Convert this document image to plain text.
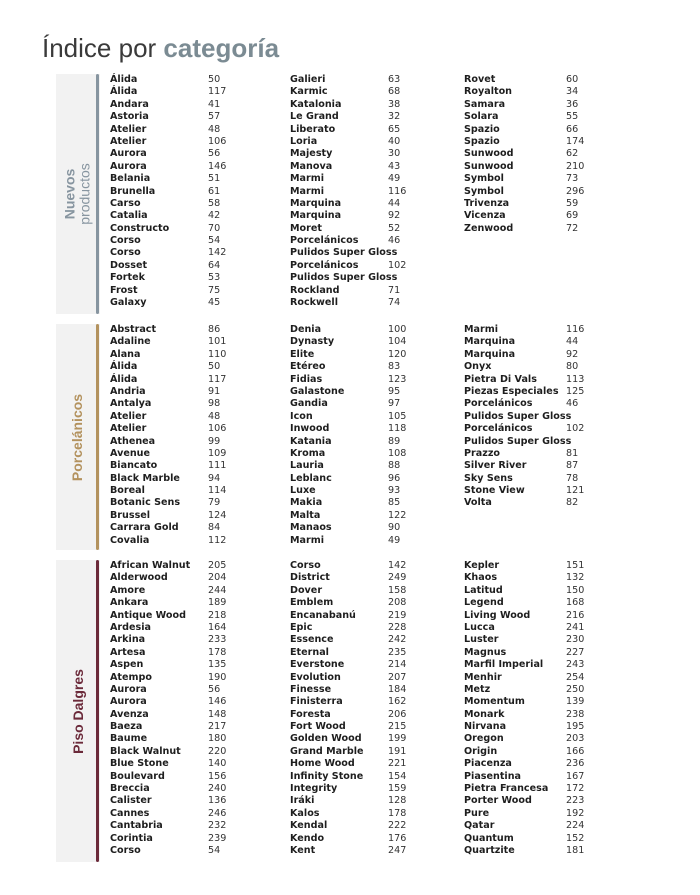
Índice por categoría
Nuevos productos
Álida	50
Álida	117
Andara	41
Astoria	57
Atelier	48
Atelier	106
Aurora	56
Aurora	146
Belania	51
Brunella	61
Carso	58
Catalia	42
Constructo	70
Corso	54
Corso	142
Dosset	64
Fortek	53
Frost	75
Galaxy	45
Galieri	63
Karmic	68
Katalonia	38
Le Grand	32
Liberato	65
Loria	40
Majesty	30
Manova	43
Marmi	49
Marmi	116
Marquina	44
Marquina	92
Moret	52
Porcelánicos	46
Pulidos Super Gloss
Porcelánicos	102
Pulidos Super Gloss
Rockland	71
Rockwell	74
Rovet	60
Royalton	34
Samara	36
Solara	55
Spazio	66
Spazio	174
Sunwood	62
Sunwood	210
Symbol	73
Symbol	296
Trivenza	59
Vicenza	69
Zenwood	72
Porcelánicos
Abstract	86
Adaline	101
Alana	110
Álida	50
Álida	117
Andria	91
Antalya	98
Atelier	48
Atelier	106
Athenea	99
Avenue	109
Biancato	111
Black Marble	94
Boreal	114
Botanic Sens	79
Brussel	124
Carrara Gold	84
Covalia	112
Denia	100
Dynasty	104
Elite	120
Etéreo	83
Fidias	123
Galastone	95
Gandia	97
Icon	105
Inwood	118
Katania	89
Kroma	108
Lauria	88
Leblanc	96
Luxe	93
Makia	85
Malta	122
Manaos	90
Marmi	49
Marmi	116
Marquina	44
Marquina	92
Onyx	80
Pietra Di Vals	113
Piezas Especiales 125
Porcelánicos	46
Pulidos Super Gloss
Porcelánicos	102
Pulidos Super Gloss
Prazzo	81
Silver River	87
Sky Sens	78
Stone View	121
Volta	82
Piso Dalgres
African Walnut 205
Alderwood	204
Amore	244
Ankara	189
Antique Wood 218
Ardesia	164
Arkina	233
Artesa	178
Aspen	135
Atempo	190
Aurora	56
Aurora	146
Avenza	148
Baeza	217
Baume	180
Black Walnut	220
Blue Stone	140
Boulevard	156
Breccia	240
Calister	136
Cannes	246
Cantabria	232
Corintia	239
Corso	54
Corso	142
District	249
Dover	158
Emblem	208
Encanabanú	219
Epic	228
Essence	242
Eternal	235
Everstone	214
Evolution	207
Finesse	184
Finisterra	162
Foresta	206
Fort Wood	215
Golden Wood	199
Grand Marble	191
Home Wood	221
Infinity Stone	154
Integrity	159
Iráki	128
Kalos	178
Kendal	222
Kendo	176
Kent	247
Kepler	151
Khaos	132
Latitud	150
Legend	168
Living Wood	216
Lucca	241
Luster	230
Magnus	227
Marfil Imperial 243
Menhir	254
Metz	250
Momentum	139
Monark	238
Nirvana	195
Oregon	203
Origin	166
Piacenza	236
Piasentina	167
Pietra Francesa 172
Porter Wood	223
Pure	192
Qatar	224
Quantum	152
Quartzite	181
